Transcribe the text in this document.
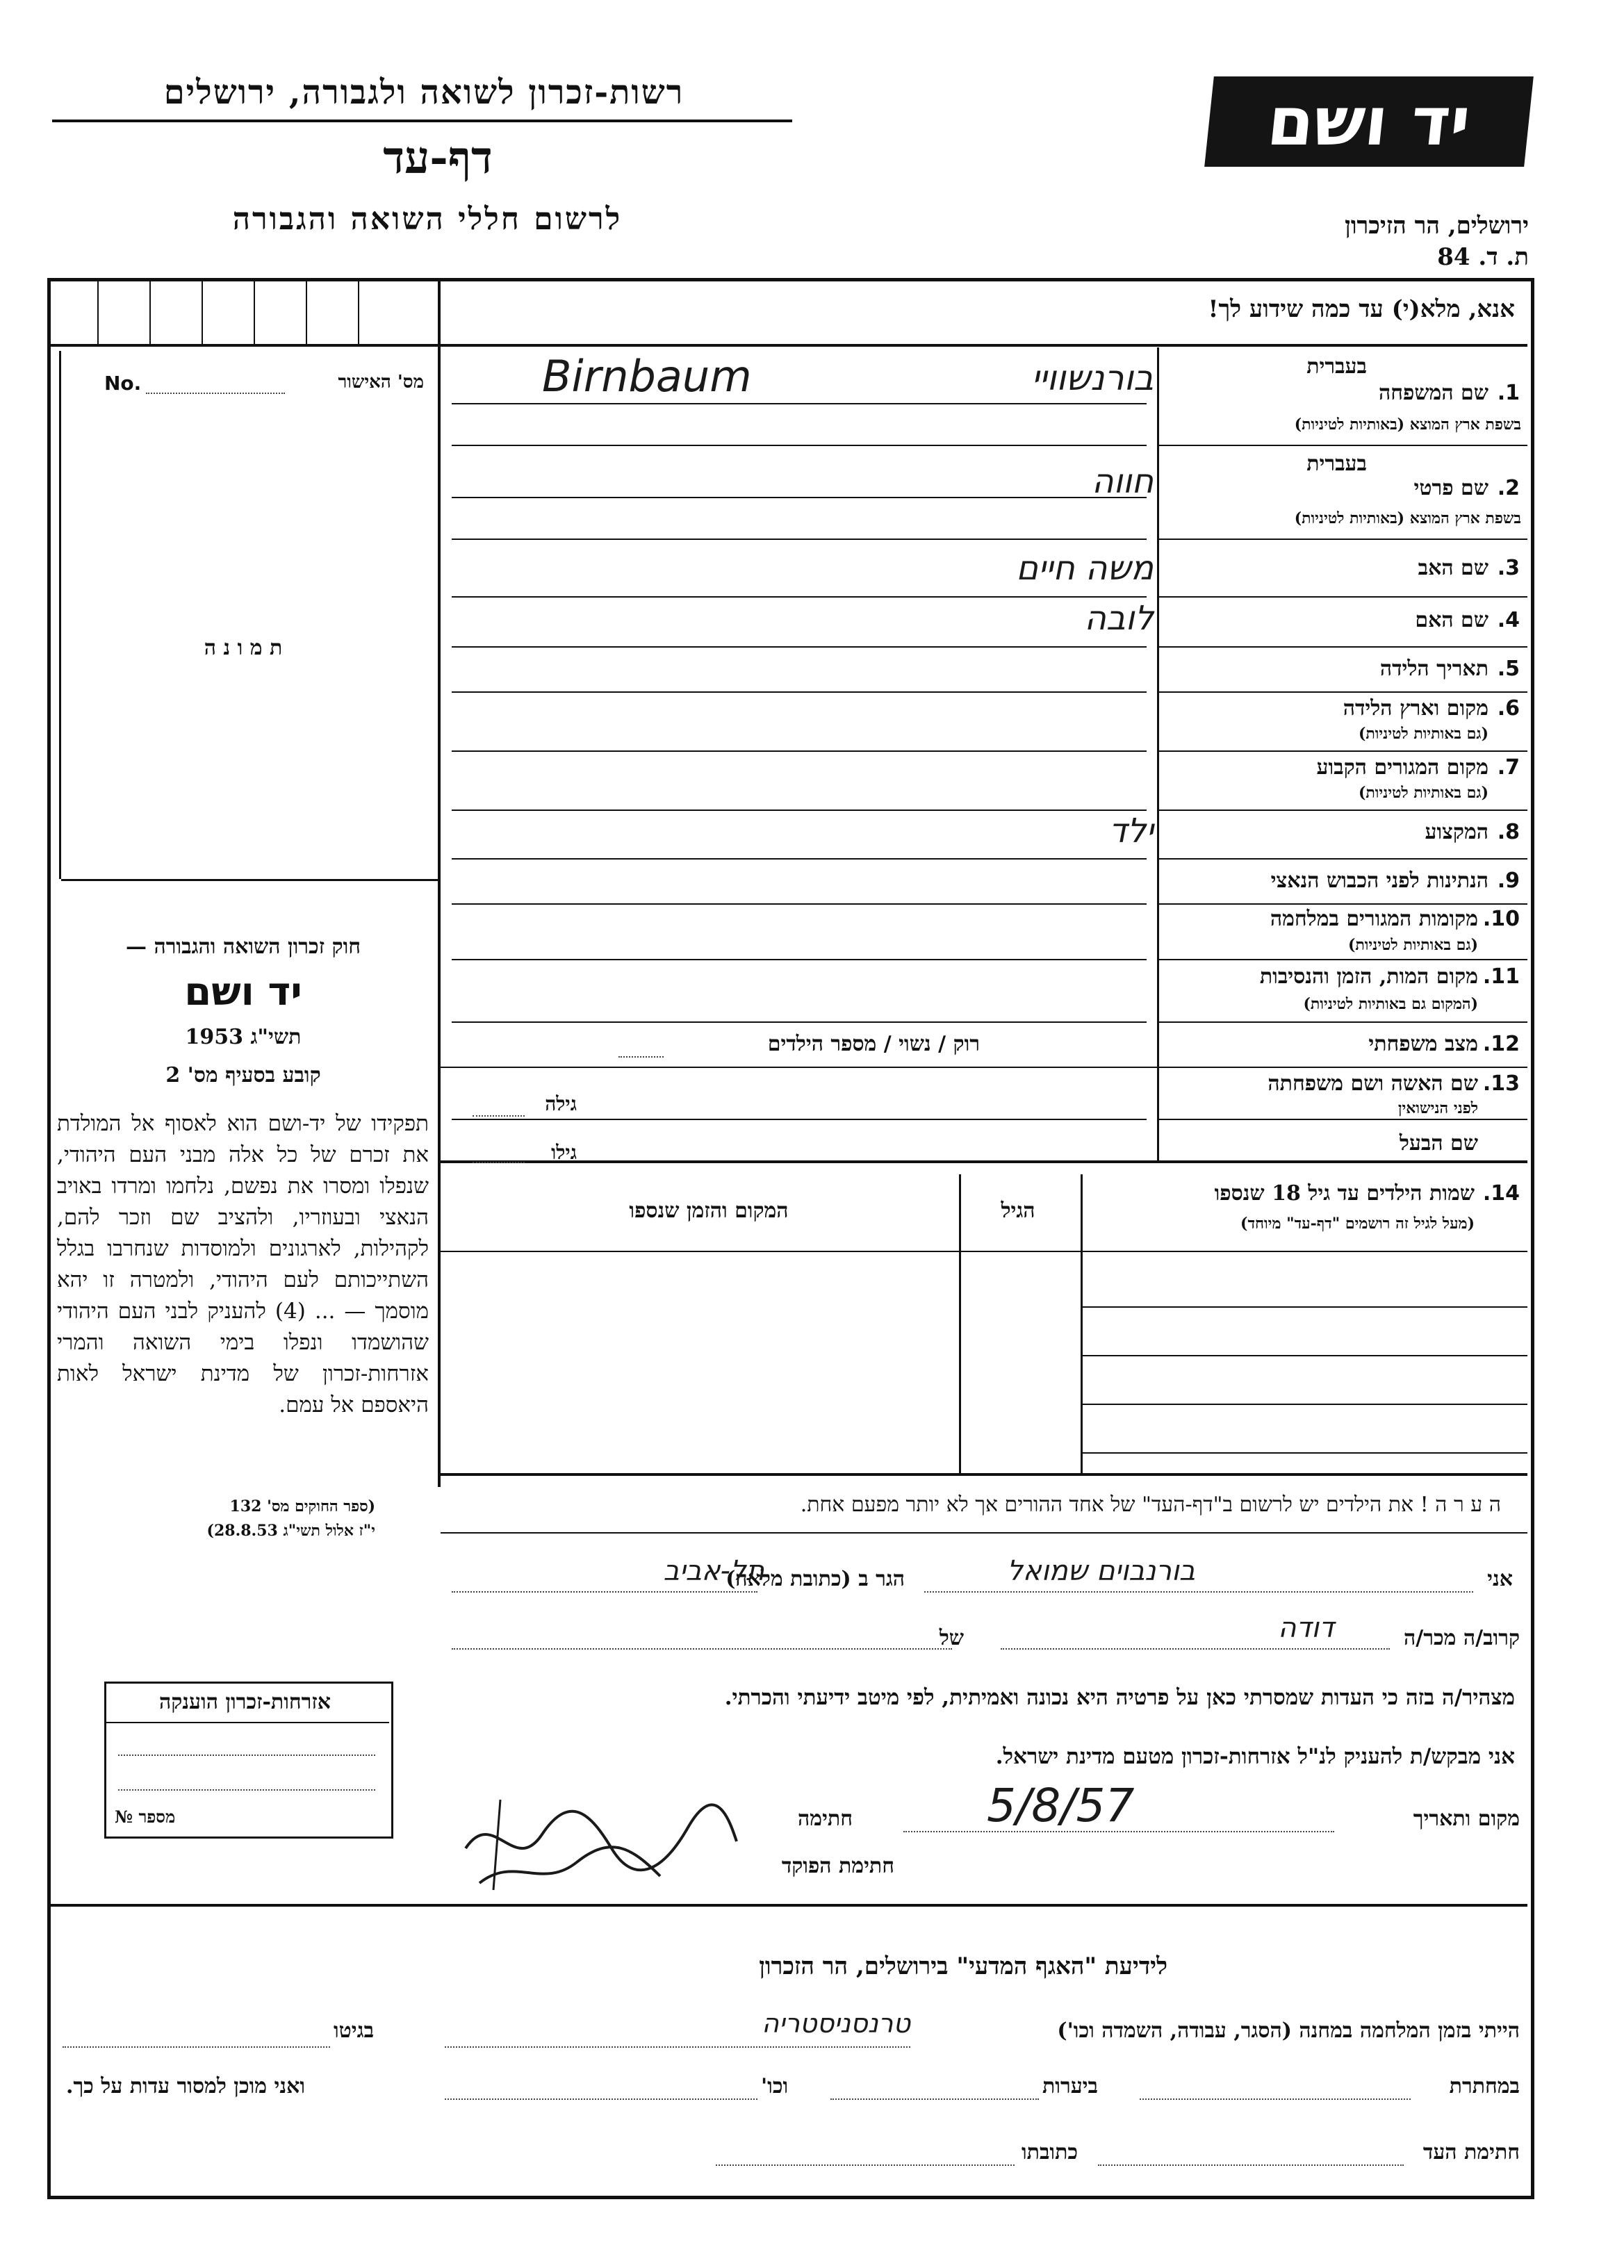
רשות-זכרון לשואה ולגבורה, ירושלים
דף-עד
לרשום חללי השואה והגבורה
יד ושם
ירושלים, הר הזיכרון
ת. ד. 84
אנא, מלא(י) עד כמה שידוע לך!
No.	מס' האישור
ת מ ו נ ה
חוק זכרון השואה והגבורה —
יד ושם
תשי"ג 1953
קובע בסעיף מס' 2
תפקידו של יד-ושם הוא לאסוף אל המולדת את זכרם של כל אלה מבני העם היהודי, שנפלו ומסרו את נפשם, נלחמו ומרדו באויב הנאצי ובעוזריו, ולהציב שם וזכר להם, לקהילות, לארגונים ולמוסדות שנחרבו בגלל השתייכותם לעם היהודי, ולמטרה זו יהא מוסמך — ... (4) להעניק לבני העם היהודי שהושמדו ונפלו בימי השואה והמרי אזרחות-זכרון של מדינת ישראל לאות היאספם אל עמם.
(ספר החוקים מס' 132
י"ז אלול תשי"ג 28.8.53)
בעברית
1.
שם המשפחה
בשפת ארץ המוצא (באותיות לטיניות)
Birnbaum	בורנשוויי
בעברית
2.
שם פרטי
בשפת ארץ המוצא (באותיות לטיניות)
חווה
3.
שם האב
משה חיים
4.
שם האם
לובה
5.
תאריך הלידה
6.
מקום וארץ הלידה
(גם באותיות לטיניות)
7.
מקום המגורים הקבוע
(גם באותיות לטיניות)
8.
המקצוע
ילד
9.
הנתינות לפני הכבוש הנאצי
10.
מקומות המגורים במלחמה
(גם באותיות לטיניות)
11.
מקום המות, הזמן והנסיבות
(המקום גם באותיות לטיניות)
12.
מצב משפחתי
רוק / נשוי / מספר הילדים
13.
שם האשה ושם משפחתה
לפני הנישואין
גילה
שם הבעל
גילו
14.
שמות הילדים עד גיל 18 שנספו
(מעל לגיל זה רושמים "דף-עד" מיוחד)
הגיל
המקום והזמן שנספו
ה ע ר ה ! את הילדים יש לרשום ב"דף-העד" של אחד ההורים אך לא יותר מפעם אחת.
אני
בורנבוים שמואל
הגר ב (כתובת מלאה)
תל-אביב
קרוב/ה מכר/ה
דודה
של
מצהיר/ה בזה כי העדות שמסרתי כאן על פרטיה היא נכונה ואמיתית, לפי מיטב ידיעתי והכרתי.
אני מבקש/ת להעניק לנ"ל אזרחות-זכרון מטעם מדינת ישראל.
מקום ותאריך
5/8/57
חתימה
חתימת הפוקד
אזרחות-זכרון הוענקה
מספר №
לידיעת "האגף המדעי" בירושלים, הר הזכרון
הייתי בזמן המלחמה במחנה (הסגר, עבודה, השמדה וכו')
טרנסניסטריה
בגיטו
במחתרת
ביערות
וכו'
ואני מוכן למסור עדות על כך.
חתימת העד
כתובתו
